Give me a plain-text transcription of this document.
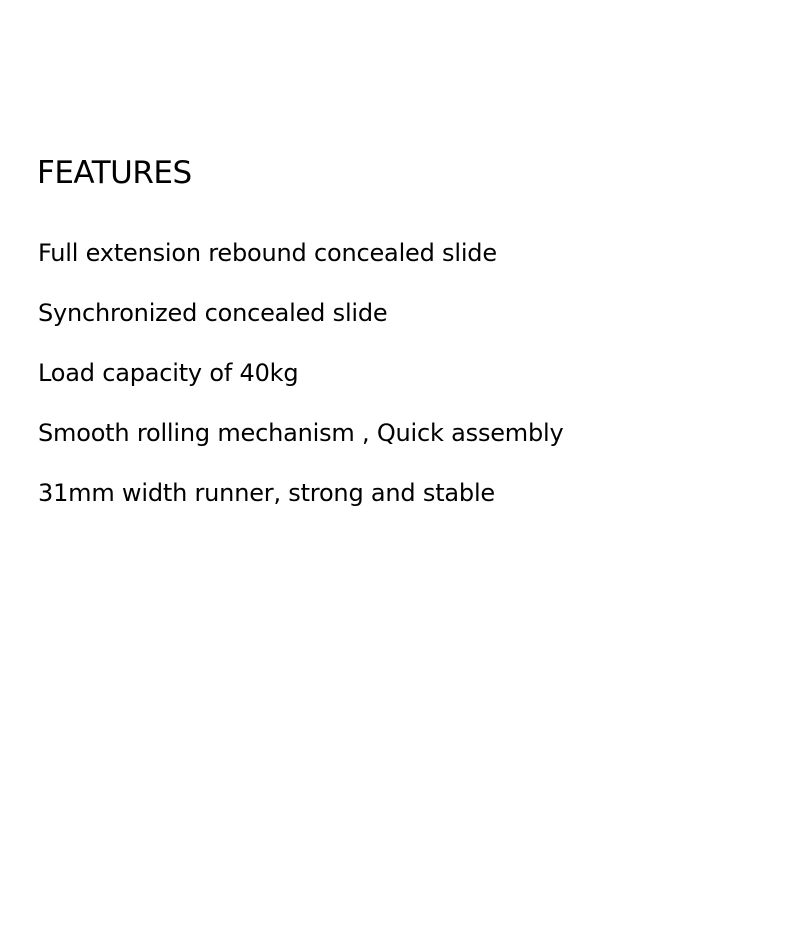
FEATURES
Full extension rebound concealed slide
Synchronized concealed slide
Load capacity of 40kg
Smooth rolling mechanism , Quick assembly
31mm width runner, strong and stable
